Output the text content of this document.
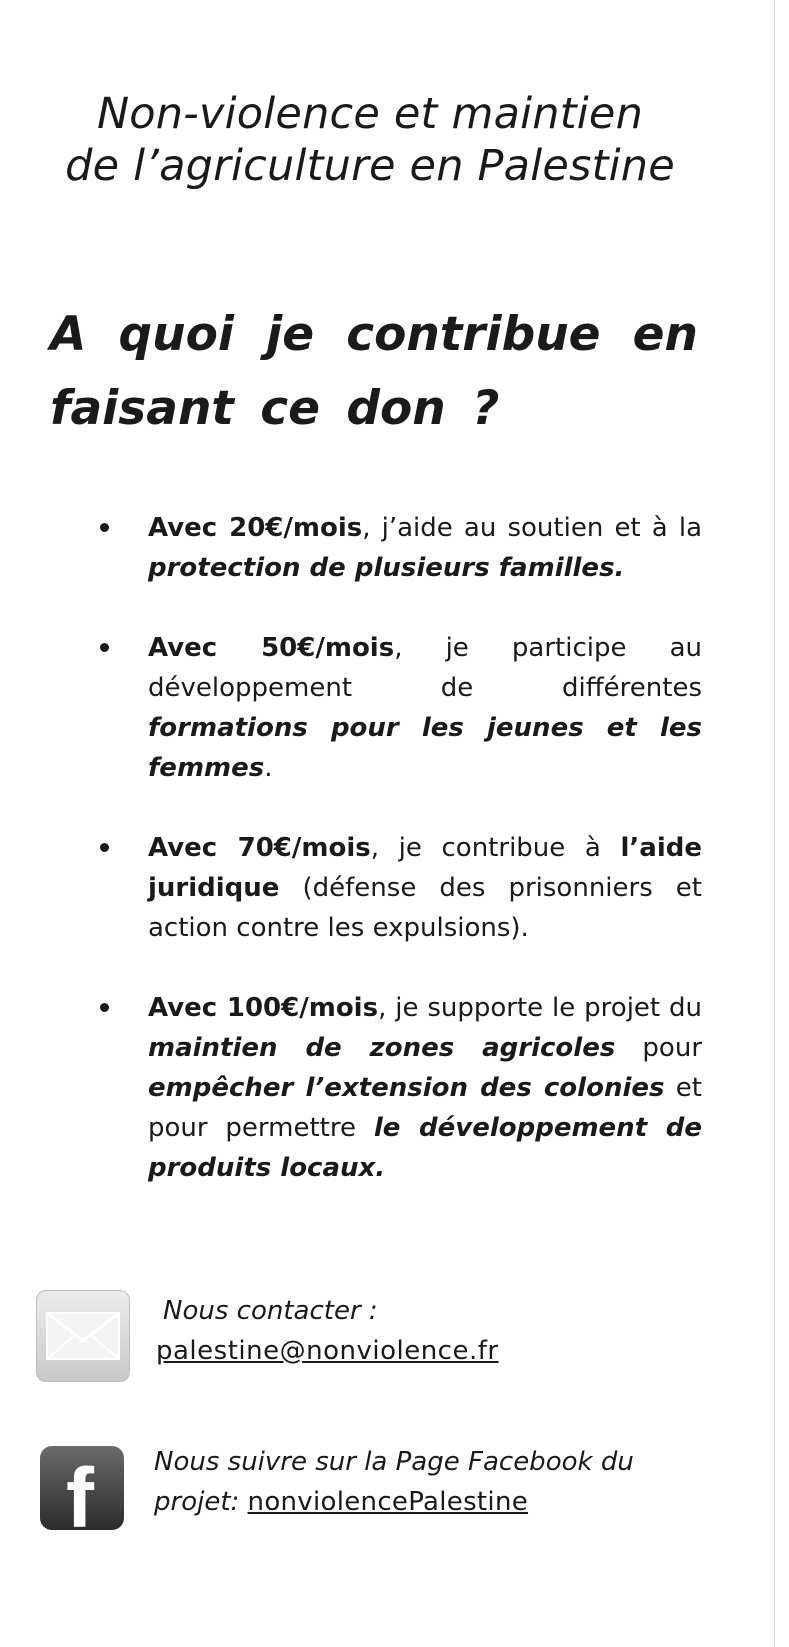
Non-violence et maintien
de l’agriculture en Palestine
A quoi je contribue en faisant ce don ?
Avec 20€/mois, j’aide au soutien et à la protection de plusieurs familles.
Avec 50€/mois, je participe au développement de différentes formations pour les jeunes et les femmes.
Avec 70€/mois, je contribue à l’aide juridique (défense des prisonniers et action contre les expulsions).
Avec 100€/mois, je supporte le projet du maintien de zones agricoles pour empêcher l’extension des colonies et pour permettre le développement de produits locaux.
Nous contacter :
palestine@nonviolence.fr
f Nous suivre sur la Page Facebook du projet: nonviolencePalestine
